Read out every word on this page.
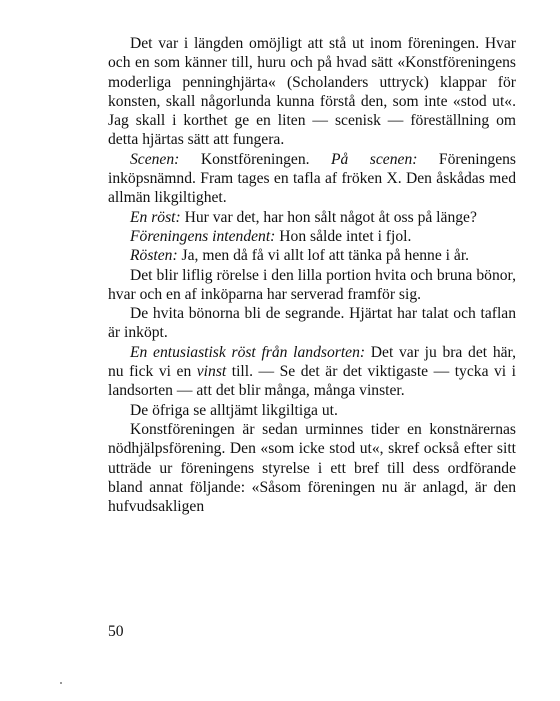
Det var i längden omöjligt att stå ut inom föreningen. Hvar och en som känner till, huru och på hvad sätt «Konstföreningens moderliga penninghjärta« (Scholanders uttryck) klappar för konsten, skall någorlunda kunna förstå den, som inte «stod ut«. Jag skall i korthet ge en liten — scenisk — föreställning om detta hjärtas sätt att fungera.

Scenen: Konstföreningen. På scenen: Föreningens inköpsnämnd. Fram tages en tafla af fröken X. Den åskådas med allmän likgiltighet.

En röst: Hur var det, har hon sålt något åt oss på länge?

Föreningens intendent: Hon sålde intet i fjol.

Rösten: Ja, men då få vi allt lof att tänka på henne i år.

Det blir liflig rörelse i den lilla portion hvita och bruna bönor, hvar och en af inköparna har serverad framför sig.

De hvita bönorna bli de segrande. Hjärtat har talat och taflan är inköpt.

En entusiastisk röst från landsorten: Det var ju bra det här, nu fick vi en vinst till. — Se det är det viktigaste — tycka vi i landsorten — att det blir många, många vinster.

De öfriga se alltjämt likgiltiga ut.

Konstföreningen är sedan urminnes tider en konstnärernas nödhjälpsförening. Den «som icke stod ut«, skref också efter sitt utträde ur föreningens styrelse i ett bref till dess ordförande bland annat följande: «Såsom föreningen nu är anlagd, är den hufvudsakligen

50
